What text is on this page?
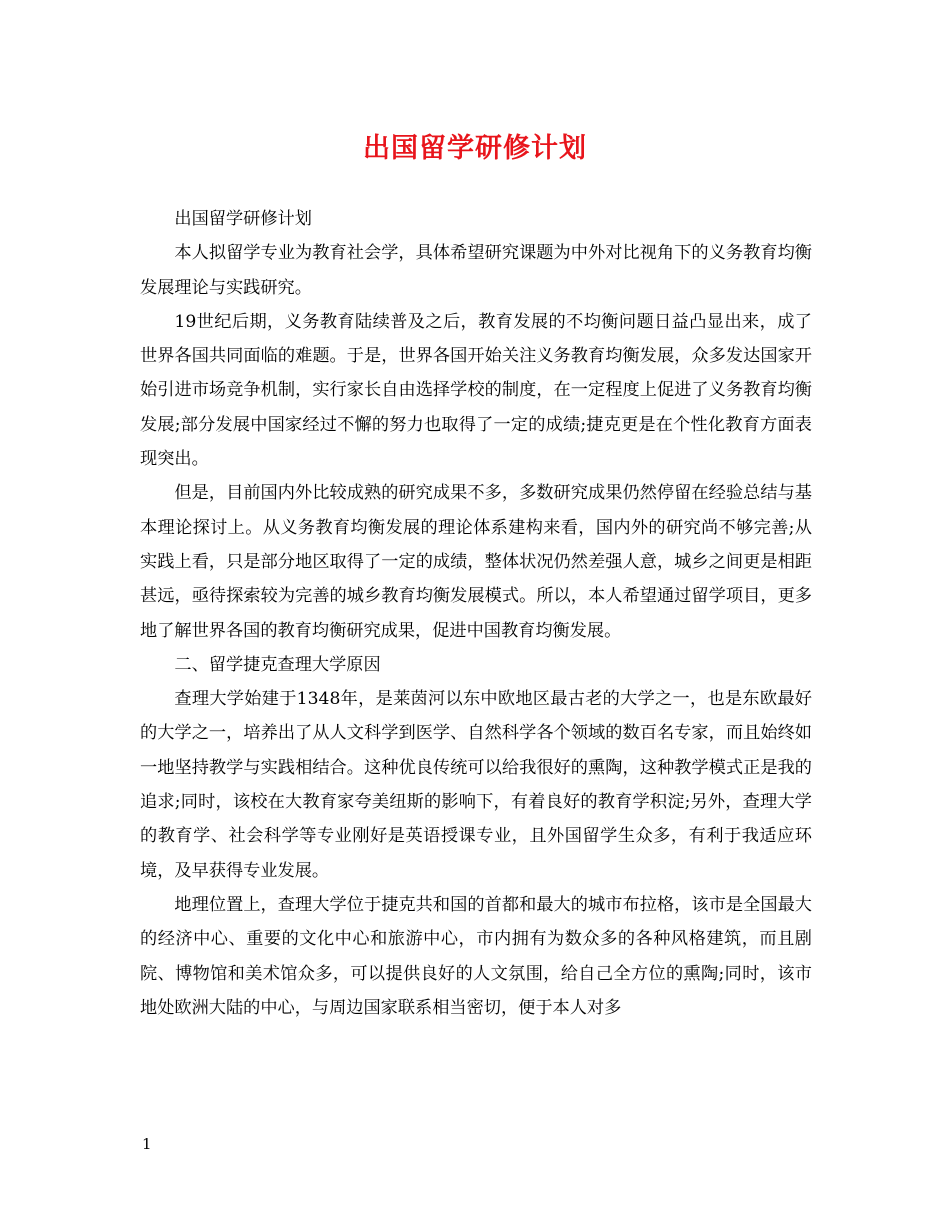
出国留学研修计划

出国留学研修计划

本人拟留学专业为教育社会学，具体希望研究课题为中外对比视角下的义务教育均衡发展理论与实践研究。

19世纪后期，义务教育陆续普及之后，教育发展的不均衡问题日益凸显出来，成了世界各国共同面临的难题。于是，世界各国开始关注义务教育均衡发展，众多发达国家开始引进市场竞争机制，实行家长自由选择学校的制度，在一定程度上促进了义务教育均衡发展;部分发展中国家经过不懈的努力也取得了一定的成绩;捷克更是在个性化教育方面表现突出。

但是，目前国内外比较成熟的研究成果不多，多数研究成果仍然停留在经验总结与基本理论探讨上。从义务教育均衡发展的理论体系建构来看，国内外的研究尚不够完善;从实践上看，只是部分地区取得了一定的成绩，整体状况仍然差强人意，城乡之间更是相距甚远，亟待探索较为完善的城乡教育均衡发展模式。所以，本人希望通过留学项目，更多地了解世界各国的教育均衡研究成果，促进中国教育均衡发展。

二、留学捷克查理大学原因

查理大学始建于1348年，是莱茵河以东中欧地区最古老的大学之一，也是东欧最好的大学之一，培养出了从人文科学到医学、自然科学各个领域的数百名专家，而且始终如一地坚持教学与实践相结合。这种优良传统可以给我很好的熏陶，这种教学模式正是我的追求;同时，该校在大教育家夸美纽斯的影响下，有着良好的教育学积淀;另外，查理大学的教育学、社会科学等专业刚好是英语授课专业，且外国留学生众多，有利于我适应环境，及早获得专业发展。

地理位置上，查理大学位于捷克共和国的首都和最大的城市布拉格，该市是全国最大的经济中心、重要的文化中心和旅游中心，市内拥有为数众多的各种风格建筑，而且剧院、博物馆和美术馆众多，可以提供良好的人文氛围，给自己全方位的熏陶;同时，该市地处欧洲大陆的中心，与周边国家联系相当密切，便于本人对多

1
